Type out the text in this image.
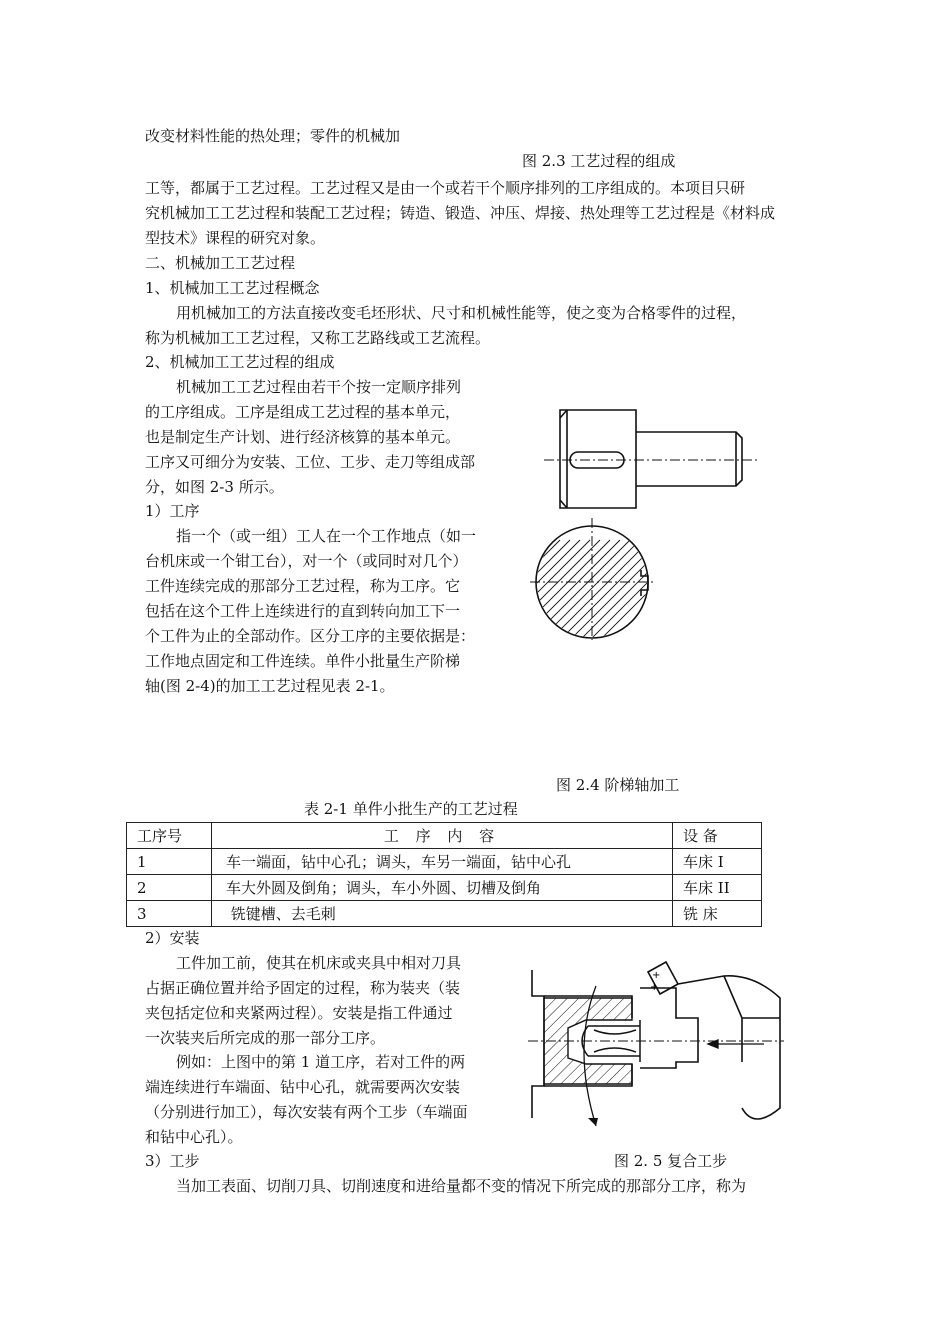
改变材料性能的热处理；零件的机械加
图 2.3 工艺过程的组成
工等，都属于工艺过程。工艺过程又是由一个或若干个顺序排列的工序组成的。本项目只研
究机械加工工艺过程和装配工艺过程；铸造、锻造、冲压、焊接、热处理等工艺过程是《材料成
型技术》课程的研究对象。
二、机械加工工艺过程
1、机械加工工艺过程概念
用机械加工的方法直接改变毛坯形状、尺寸和机械性能等，使之变为合格零件的过程，
称为机械加工工艺过程，又称工艺路线或工艺流程。
2、机械加工工艺过程的组成
机械加工工艺过程由若干个按一定顺序排列
的工序组成。工序是组成工艺过程的基本单元，
也是制定生产计划、进行经济核算的基本单元。
工序又可细分为安装、工位、工步、走刀等组成部
分，如图 2-3 所示。
1）工序
指一个（或一组）工人在一个工作地点（如一
台机床或一个钳工台），对一个（或同时对几个）
工件连续完成的那部分工艺过程，称为工序。它
包括在这个工件上连续进行的直到转向加工下一
个工件为止的全部动作。区分工序的主要依据是：
工作地点固定和工件连续。单件小批量生产阶梯
轴(图 2-4)的加工工艺过程见表 2-1。
图 2.4 阶梯轴加工
表 2-1 单件小批生产的工艺过程
工序号	工 序 内 容	设 备
1	车一端面，钻中心孔；调头，车另一端面，钻中心孔	车床 I
2	车大外圆及倒角；调头，车小外圆、切槽及倒角	车床 II
3	铣键槽、去毛刺	铣 床
2）安装
工件加工前，使其在机床或夹具中相对刀具
占据正确位置并给予固定的过程，称为装夹（装
夹包括定位和夹紧两过程）。安装是指工件通过
一次装夹后所完成的那一部分工序。
例如：上图中的第 1 道工序，若对工件的两
端连续进行车端面、钻中心孔，就需要两次安装
（分别进行加工），每次安装有两个工步（车端面
和钻中心孔）。
+
+
3）工步	图 2. 5 复合工步
当加工表面、切削刀具、切削速度和进给量都不变的情况下所完成的那部分工序，称为
